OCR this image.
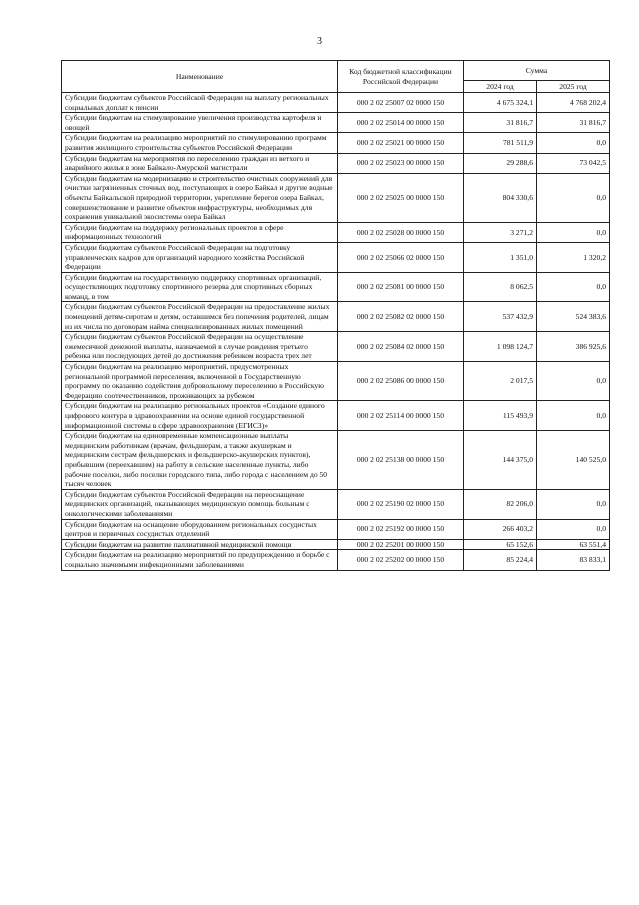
3
Наименование	Код бюджетной классификации Российской Федерации	Сумма	
		2024 год	2025 год
Субсидии бюджетам субъектов Российской Федерации на выплату региональных социальных доплат к пенсии	000 2 02 25007 02 0000 150	4 675 324,1	4 768 202,4
Субсидии бюджетам на стимулирование увеличения производства картофеля и овощей	000 2 02 25014 00 0000 150	31 816,7	31 816,7
Субсидии бюджетам на реализацию мероприятий по стимулированию программ развития жилищного строительства субъектов Российской Федерации	000 2 02 25021 00 0000 150	781 511,9	0,0
Субсидии бюджетам на мероприятия по переселению граждан из ветхого и аварийного жилья в зоне Байкало-Амурской магистрали	000 2 02 25023 00 0000 150	29 288,6	73 042,5
Субсидии бюджетам на модернизацию и строительство очистных сооружений для очистки загрязненных сточных вод, поступающих в озеро Байкал и другие водные объекты Байкальской природной территории, укрепление берегов озера Байкал, совершенствование и развитие объектов инфраструктуры, необходимых для сохранения уникальной экосистемы озера Байкал	000 2 02 25025 00 0000 150	804 330,6	0,0
Субсидии бюджетам на поддержку региональных проектов в сфере информационных технологий	000 2 02 25028 00 0000 150	3 271,2	0,0
Субсидии бюджетам субъектов Российской Федерации на подготовку управленческих кадров для организаций народного хозяйства Российской Федерации	000 2 02 25066 02 0000 150	1 351,0	1 320,2
Субсидии бюджетам на государственную поддержку спортивных организаций, осуществляющих подготовку спортивного резерва для спортивных сборных команд, в том	000 2 02 25081 00 0000 150	8 062,5	0,0
Субсидии бюджетам субъектов Российской Федерации на предоставление жилых помещений детям-сиротам и детям, оставшимся без попечения родителей, лицам из их числа по договорам найма специализированных жилых помещений	000 2 02 25082 02 0000 150	537 432,9	524 383,6
Субсидии бюджетам субъектов Российской Федерации на осуществление ежемесячной денежной выплаты, назначаемой в случае рождения третьего ребенка или последующих детей до достижения ребенком возраста трех лет	000 2 02 25084 02 0000 150	1 098 124,7	386 925,6
Субсидии бюджетам на реализацию мероприятий, предусмотренных региональной программой переселения, включенной в Государственную программу по оказанию содействия добровольному переселению в Российскую Федерацию соотечественников, проживающих за рубежом	000 2 02 25086 00 0000 150	2 017,5	0,0
Субсидии бюджетам на реализацию региональных проектов «Создание единого цифрового контура в здравоохранении на основе единой государственной информационной системы в сфере здравоохранения (ЕГИСЗ)»	000 2 02 25114 00 0000 150	115 493,9	0,0
Субсидии бюджетам на единовременные компенсационные выплаты медицинским работникам (врачам, фельдшерам, а также акушеркам и медицинским сестрам фельдшерских и фельдшерско-акушерских пунктов), прибывшим (переехавшим) на работу в сельские населенные пункты, либо рабочие поселки, либо поселки городского типа, либо города с населением до 50 тысяч человек	000 2 02 25138 00 0000 150	144 375,0	140 525,0
Субсидии бюджетам субъектов Российской Федерации на переоснащение медицинских организаций, оказывающих медицинскую помощь больным с онкологическими заболеваниями	000 2 02 25190 02 0000 150	82 206,0	0,0
Субсидии бюджетам на оснащение оборудованием региональных сосудистых центров и первичных сосудистых отделений	000 2 02 25192 00 0000 150	266 403,2	0,0
Субсидии бюджетам на развитие паллиативной медицинской помощи	000 2 02 25201 00 0000 150	65 152,6	63 551,4
Субсидии бюджетам на реализацию мероприятий по предупреждению и борьбе с социально значимыми инфекционными заболеваниями	000 2 02 25202 00 0000 150	85 224,4	83 833,1
